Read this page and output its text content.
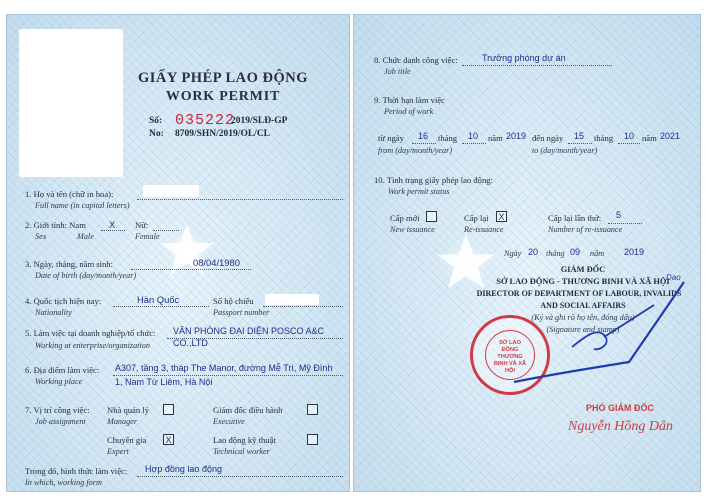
GIẤY PHÉP LAO ĐỘNG
WORK PERMIT
Số: 035222
2019/SLĐ-GP
No: 8709/SHN/2019/OL/CL
1. Họ và tên (chữ in hoa):
Full name (in capital letters)
2. Giới tính: Nam X Nữ:
Sex	Male	Female
3. Ngày, tháng, năm sinh:	08/04/1980
Date of birth (day/month/year)
4. Quốc tịch hiện nay:	Hàn Quốc	Số hộ chiếu
Nationality	Passport number
5. Làm việc tại doanh nghiệp/tổ chức: VĂN PHÒNG ĐẠI DIỆN POSCO A&C
Working at enterprise/organization	CO.,LTD
6. Địa điểm làm việc: A307, tầng 3, tháp The Manor, đường Mễ Trì, Mỹ Đình
Working place	1, Nam Từ Liêm, Hà Nội
7. Vị trí công việc:
Job assignment
Nhà quản lý
Manager
Giám đốc điều hành
Executive
Chuyên gia X
Expert
Lao động kỹ thuật
Technical worker
Trong đó, hình thức làm việc: Hợp đồng lao động
In which, working form
8. Chức danh công việc:	Trưởng phòng dự án
Job title
9. Thời hạn làm việc
Period of work
từ ngày 16 tháng 10 năm 2019 đến ngày 15 tháng 10 năm 2021
from (day/month/year)	to (day/month/year)
10. Tình trạng giấy phép lao động:
Work permit status
Cấp mới
New issuance
Cấp lại X
Re-issuance
Cấp lại lần thứ: 5
Number of re-issuance
Ngày 20 tháng 09 năm 2019
GIÁM ĐỐC
SỞ LAO ĐỘNG - THƯƠNG BINH VÀ XÃ HỘI
Dao
DIRECTOR OF DEPARTMENT OF LABOUR, INVALIDS
AND SOCIAL AFFAIRS
(Ký và ghi rõ họ tên, đóng dấu)
(Signature and stamp)
SỞ LAO ĐỘNG THƯƠNG BINH VÀ XÃ HỘI
PHÓ GIÁM ĐỐC
Nguyễn Hồng Dân
